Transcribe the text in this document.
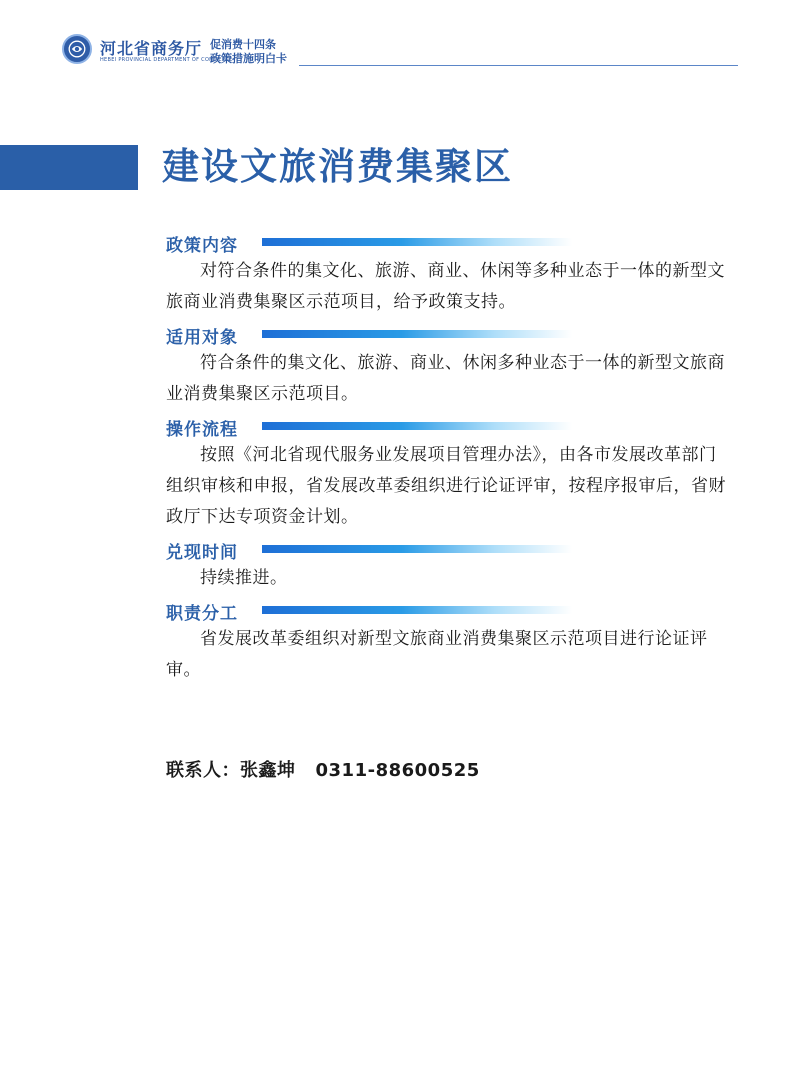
河北省商务厅
HEBEI PROVINCIAL DEPARTMENT OF COMMERCE
促消费十四条
政策措施明白卡
建设文旅消费集聚区
政策内容

对符合条件的集文化、旅游、商业、休闲等多种业态于一体的新型文旅商业消费集聚区示范项目，给予政策支持。

适用对象

符合条件的集文化、旅游、商业、休闲多种业态于一体的新型文旅商业消费集聚区示范项目。

操作流程

按照《河北省现代服务业发展项目管理办法》，由各市发展改革部门组织审核和申报，省发展改革委组织进行论证评审，按程序报审后，省财政厅下达专项资金计划。

兑现时间

持续推进。

职责分工

省发展改革委组织对新型文旅商业消费集聚区示范项目进行论证评审。

联系人：张鑫坤 0311-88600525
